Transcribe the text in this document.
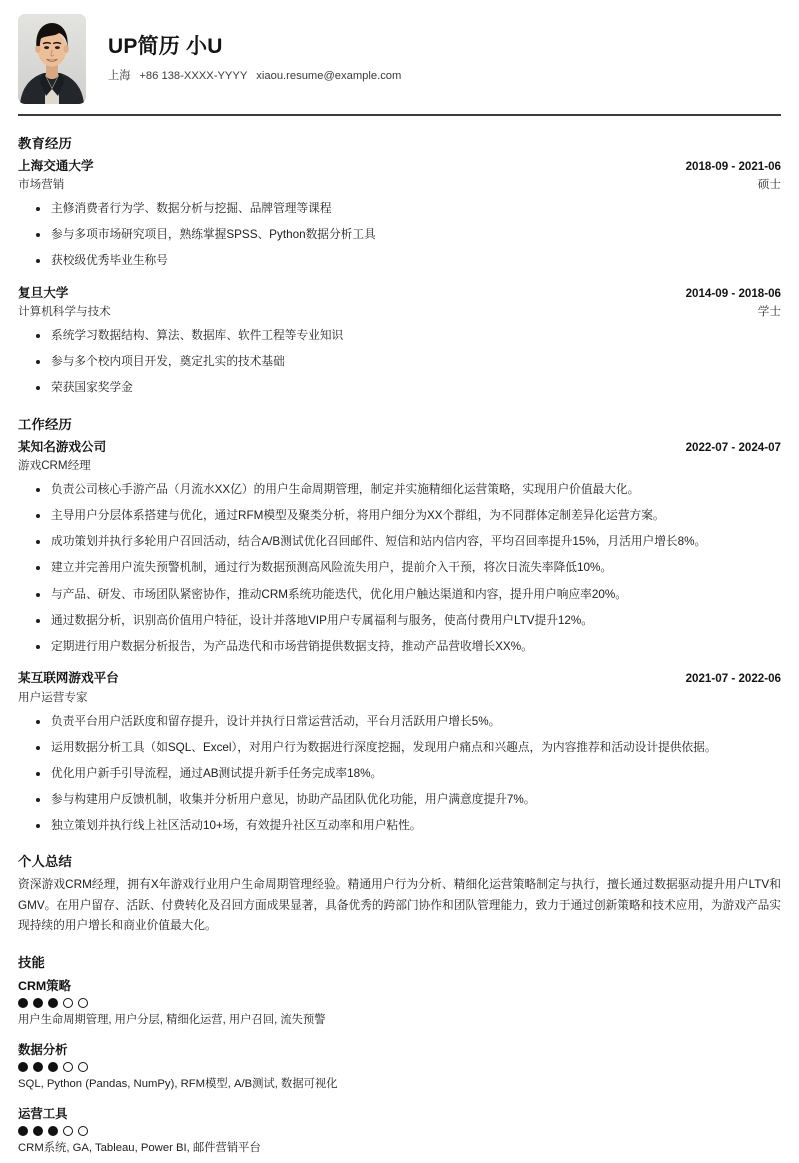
UP简历 小U
上海 +86 138-XXXX-YYYY xiaou.resume@example.com
教育经历
上海交通大学	2018-09 - 2021-06
市场营销	硕士
主修消费者行为学、数据分析与挖掘、品牌管理等课程
参与多项市场研究项目，熟练掌握SPSS、Python数据分析工具
获校级优秀毕业生称号
复旦大学	2014-09 - 2018-06
计算机科学与技术	学士
系统学习数据结构、算法、数据库、软件工程等专业知识
参与多个校内项目开发，奠定扎实的技术基础
荣获国家奖学金
工作经历
某知名游戏公司	2022-07 - 2024-07
游戏CRM经理
负责公司核心手游产品（月流水XX亿）的用户生命周期管理，制定并实施精细化运营策略，实现用户价值最大化。
主导用户分层体系搭建与优化，通过RFM模型及聚类分析，将用户细分为XX个群组，为不同群体定制差异化运营方案。
成功策划并执行多轮用户召回活动，结合A/B测试优化召回邮件、短信和站内信内容，平均召回率提升15%，月活用户增长8%。
建立并完善用户流失预警机制，通过行为数据预测高风险流失用户，提前介入干预，将次日流失率降低10%。
与产品、研发、市场团队紧密协作，推动CRM系统功能迭代，优化用户触达渠道和内容，提升用户响应率20%。
通过数据分析，识别高价值用户特征，设计并落地VIP用户专属福利与服务，使高付费用户LTV提升12%。
定期进行用户数据分析报告，为产品迭代和市场营销提供数据支持，推动产品营收增长XX%。
某互联网游戏平台	2021-07 - 2022-06
用户运营专家
负责平台用户活跃度和留存提升，设计并执行日常运营活动，平台月活跃用户增长5%。
运用数据分析工具（如SQL、Excel），对用户行为数据进行深度挖掘，发现用户痛点和兴趣点，为内容推荐和活动设计提供依据。
优化用户新手引导流程，通过AB测试提升新手任务完成率18%。
参与构建用户反馈机制，收集并分析用户意见，协助产品团队优化功能，用户满意度提升7%。
独立策划并执行线上社区活动10+场，有效提升社区互动率和用户粘性。
个人总结
资深游戏CRM经理，拥有X年游戏行业用户生命周期管理经验。精通用户行为分析、精细化运营策略制定与执行，擅长通过数据驱动提升用户LTV和GMV。在用户留存、活跃、付费转化及召回方面成果显著，具备优秀的跨部门协作和团队管理能力，致力于通过创新策略和技术应用，为游戏产品实现持续的用户增长和商业价值最大化。
技能
CRM策略
用户生命周期管理, 用户分层, 精细化运营, 用户召回, 流失预警
数据分析
SQL, Python (Pandas, NumPy), RFM模型, A/B测试, 数据可视化
运营工具
CRM系统, GA, Tableau, Power BI, 邮件营销平台
